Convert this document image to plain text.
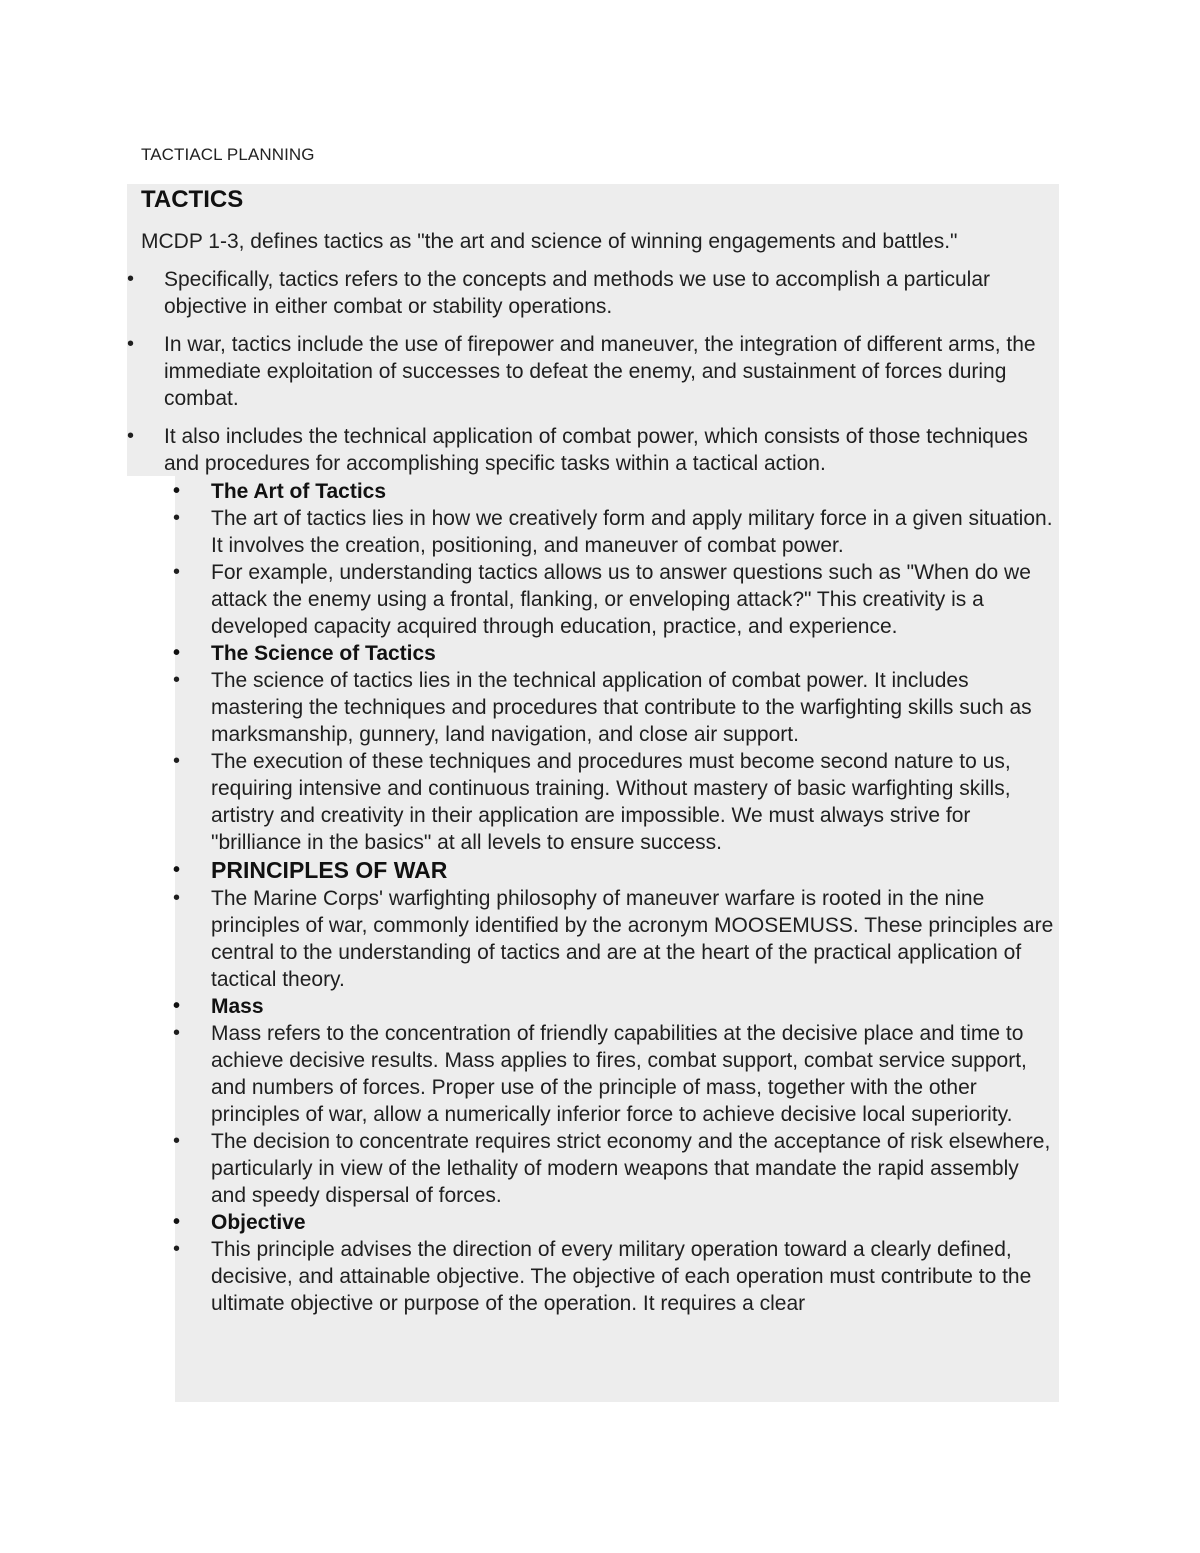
TACTIACL PLANNING
TACTICS
MCDP 1-3, defines tactics as "the art and science of winning engagements and battles."
• Specifically, tactics refers to the concepts and methods we use to accomplish a particular objective in either combat or stability operations.
• In war, tactics include the use of firepower and maneuver, the integration of different arms, the immediate exploitation of successes to defeat the enemy, and sustainment of forces during combat.
• It also includes the technical application of combat power, which consists of those techniques and procedures for accomplishing specific tasks within a tactical action.
• The Art of Tactics
• The art of tactics lies in how we creatively form and apply military force in a given situation. It involves the creation, positioning, and maneuver of combat power.
• For example, understanding tactics allows us to answer questions such as "When do we attack the enemy using a frontal, flanking, or enveloping attack?" This creativity is a developed capacity acquired through education, practice, and experience.
• The Science of Tactics
• The science of tactics lies in the technical application of combat power. It includes mastering the techniques and procedures that contribute to the warfighting skills such as marksmanship, gunnery, land navigation, and close air support.
• The execution of these techniques and procedures must become second nature to us, requiring intensive and continuous training. Without mastery of basic warfighting skills, artistry and creativity in their application are impossible. We must always strive for "brilliance in the basics" at all levels to ensure success.
• PRINCIPLES OF WAR
• The Marine Corps' warfighting philosophy of maneuver warfare is rooted in the nine principles of war, commonly identified by the acronym MOOSEMUSS. These principles are central to the understanding of tactics and are at the heart of the practical application of tactical theory.
• Mass
• Mass refers to the concentration of friendly capabilities at the decisive place and time to achieve decisive results. Mass applies to fires, combat support, combat service support, and numbers of forces. Proper use of the principle of mass, together with the other principles of war, allow a numerically inferior force to achieve decisive local superiority.
• The decision to concentrate requires strict economy and the acceptance of risk elsewhere, particularly in view of the lethality of modern weapons that mandate the rapid assembly and speedy dispersal of forces.
• Objective
• This principle advises the direction of every military operation toward a clearly defined, decisive, and attainable objective. The objective of each operation must contribute to the ultimate objective or purpose of the operation. It requires a clear
